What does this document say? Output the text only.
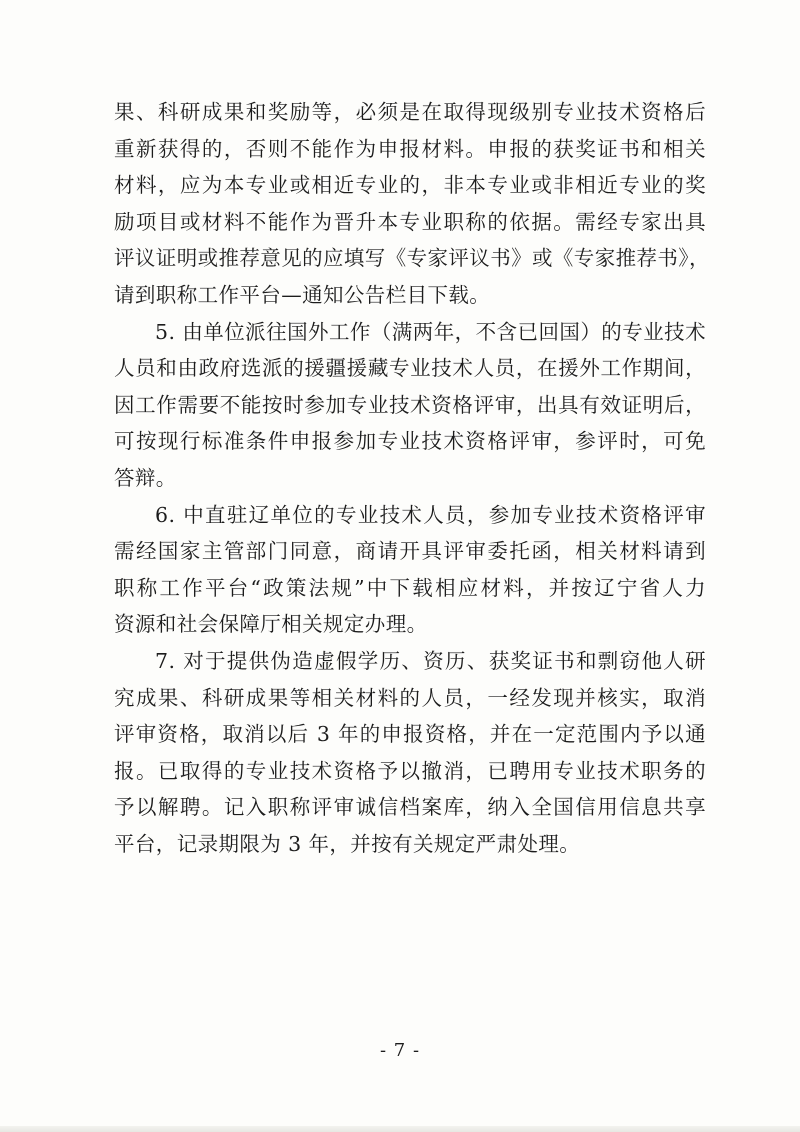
果、科研成果和奖励等，必须是在取得现级别专业技术资格后
重新获得的，否则不能作为申报材料。申报的获奖证书和相关
材料，应为本专业或相近专业的，非本专业或非相近专业的奖
励项目或材料不能作为晋升本专业职称的依据。需经专家出具
评议证明或推荐意见的应填写《专家评议书》或《专家推荐书》，
请到职称工作平台—通知公告栏目下载。
5. 由单位派往国外工作（满两年，不含已回国）的专业技术
人员和由政府选派的援疆援藏专业技术人员，在援外工作期间，
因工作需要不能按时参加专业技术资格评审，出具有效证明后，
可按现行标准条件申报参加专业技术资格评审，参评时，可免
答辩。
6. 中直驻辽单位的专业技术人员，参加专业技术资格评审
需经国家主管部门同意，商请开具评审委托函，相关材料请到
职称工作平台“政策法规”中下载相应材料，并按辽宁省人力
资源和社会保障厅相关规定办理。
7. 对于提供伪造虚假学历、资历、获奖证书和剽窃他人研
究成果、科研成果等相关材料的人员，一经发现并核实，取消
评审资格，取消以后 3 年的申报资格，并在一定范围内予以通
报。已取得的专业技术资格予以撤消，已聘用专业技术职务的
予以解聘。记入职称评审诚信档案库，纳入全国信用信息共享
平台，记录期限为 3 年，并按有关规定严肃处理。
- 7 -
